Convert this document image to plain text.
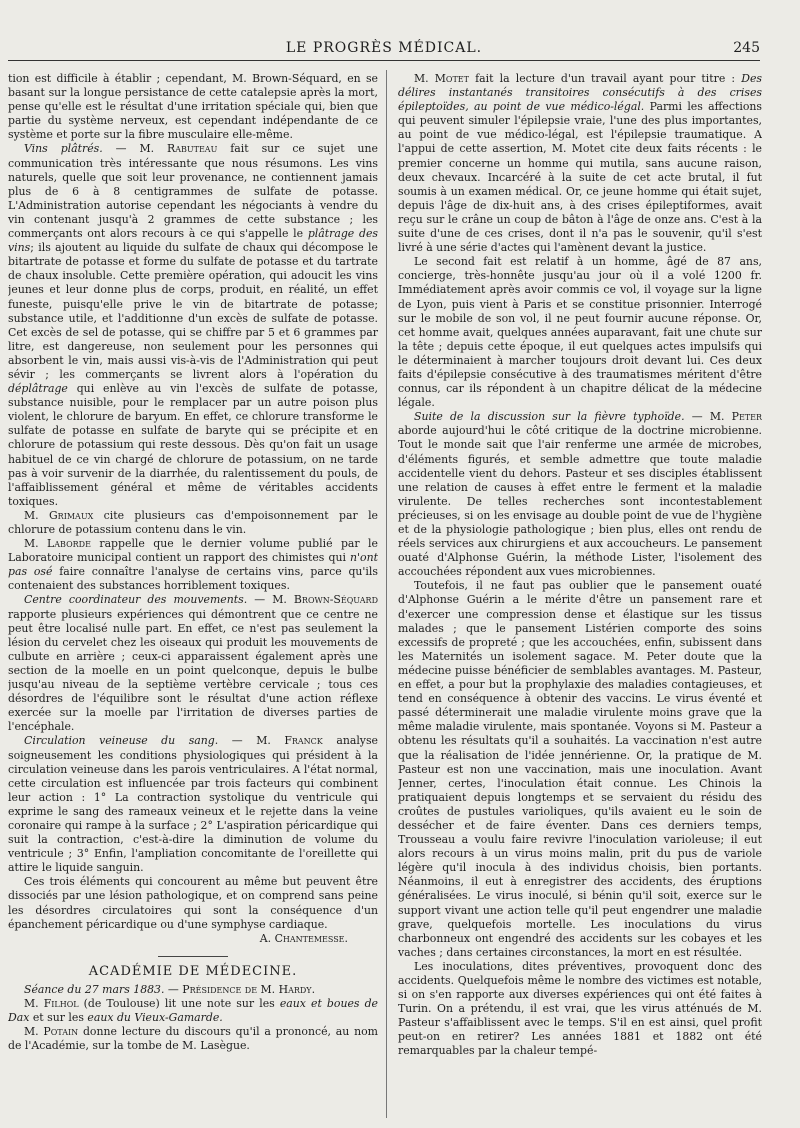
LE PROGRÈS MÉDICAL.	245

tion est difficile à établir ; cependant, M. Brown-Séquard, en se basant sur la longue persistance de cette catalepsie après la mort, pense qu'elle est le résultat d'une irritation spéciale qui, bien que partie du système nerveux, est cependant indépendante de ce système et porte sur la fibre musculaire elle-même.

Vins plâtrés. — M. Rabuteau fait sur ce sujet une communication très intéressante que nous résumons. Les vins naturels, quelle que soit leur provenance, ne contiennent jamais plus de 6 à 8 centigrammes de sulfate de potasse. L'Administration autorise cependant les négociants à vendre du vin contenant jusqu'à 2 grammes de cette substance ; les commerçants ont alors recours à ce qui s'appelle le plâtrage des vins; ils ajoutent au liquide du sulfate de chaux qui décompose le bitartrate de potasse et forme du sulfate de potasse et du tartrate de chaux insoluble. Cette première opération, qui adoucit les vins jeunes et leur donne plus de corps, produit, en réalité, un effet funeste, puisqu'elle prive le vin de bitartrate de potasse; substance utile, et l'additionne d'un excès de sulfate de potasse. Cet excès de sel de potasse, qui se chiffre par 5 et 6 grammes par litre, est dangereuse, non seulement pour les personnes qui absorbent le vin, mais aussi vis-à-vis de l'Administration qui peut sévir ; les commerçants se livrent alors à l'opération du déplâtrage qui enlève au vin l'excès de sulfate de potasse, substance nuisible, pour le remplacer par un autre poison plus violent, le chlorure de baryum. En effet, ce chlorure transforme le sulfate de potasse en sulfate de baryte qui se précipite et en chlorure de potassium qui reste dessous. Dès qu'on fait un usage habituel de ce vin chargé de chlorure de potassium, on ne tarde pas à voir survenir de la diarrhée, du ralentissement du pouls, de l'affaiblissement général et même de véritables accidents toxiques.

M. Grimaux cite plusieurs cas d'empoisonnement par le chlorure de potassium contenu dans le vin.

M. Laborde rappelle que le dernier volume publié par le Laboratoire municipal contient un rapport des chimistes qui n'ont pas osé faire connaître l'analyse de certains vins, parce qu'ils contenaient des substances horriblement toxiques.

Centre coordinateur des mouvements. — M. Brown-Séquard rapporte plusieurs expériences qui démontrent que ce centre ne peut être localisé nulle part. En effet, ce n'est pas seulement la lésion du cervelet chez les oiseaux qui produit les mouvements de culbute en arrière ; ceux-ci apparaissent également après une section de la moelle en un point quelconque, depuis le bulbe jusqu'au niveau de la septième vertèbre cervicale ; tous ces désordres de l'équilibre sont le résultat d'une action réflexe exercée sur la moelle par l'irritation de diverses parties de l'encéphale.

Circulation veineuse du sang. — M. Franck analyse soigneusement les conditions physiologiques qui président à la circulation veineuse dans les parois ventriculaires. A l'état normal, cette circulation est influencée par trois facteurs qui combinent leur action : 1° La contraction systolique du ventricule qui exprime le sang des rameaux veineux et le rejette dans la veine coronaire qui rampe à la surface ; 2° L'aspiration péricardique qui suit la contraction, c'est-à-dire la diminution de volume du ventricule ; 3° Enfin, l'ampliation concomitante de l'oreillette qui attire le liquide sanguin.

Ces trois éléments qui concourent au même but peuvent être dissociés par une lésion pathologique, et on comprend sans peine les désordres circulatoires qui sont la conséquence d'un épanchement péricardique ou d'une symphyse cardiaque.

A. Chantemesse.
ACADÉMIE DE MÉDECINE.

Séance du 27 mars 1883. — Présidence de M. Hardy.

M. Filhol (de Toulouse) lit une note sur les eaux et boues de Dax et sur les eaux du Vieux-Gamarde.

M. Potain donne lecture du discours qu'il a prononcé, au nom de l'Académie, sur la tombe de M. Lasègue.

M. Motet fait la lecture d'un travail ayant pour titre : Des délires instantanés transitoires consécutifs à des crises épileptoïdes, au point de vue médico-légal. Parmi les affections qui peuvent simuler l'épilepsie vraie, l'une des plus importantes, au point de vue médico-légal, est l'épilepsie traumatique. A l'appui de cette assertion, M. Motet cite deux faits récents : le premier concerne un homme qui mutila, sans aucune raison, deux chevaux. Incarcéré à la suite de cet acte brutal, il fut soumis à un examen médical. Or, ce jeune homme qui était sujet, depuis l'âge de dix-huit ans, à des crises épileptiformes, avait reçu sur le crâne un coup de bâton à l'âge de onze ans. C'est à la suite d'une de ces crises, dont il n'a pas le souvenir, qu'il s'est livré à une série d'actes qui l'amènent devant la justice.

Le second fait est relatif à un homme, âgé de 87 ans, concierge, très-honnête jusqu'au jour où il a volé 1200 fr. Immédiatement après avoir commis ce vol, il voyage sur la ligne de Lyon, puis vient à Paris et se constitue prisonnier. Interrogé sur le mobile de son vol, il ne peut fournir aucune réponse. Or, cet homme avait, quelques années auparavant, fait une chute sur la tête ; depuis cette époque, il eut quelques actes impulsifs qui le déterminaient à marcher toujours droit devant lui. Ces deux faits d'épilepsie consécutive à des traumatismes méritent d'être connus, car ils répondent à un chapitre délicat de la médecine légale.

Suite de la discussion sur la fièvre typhoïde. — M. Peter aborde aujourd'hui le côté critique de la doctrine microbienne. Tout le monde sait que l'air renferme une armée de microbes, d'éléments figurés, et semble admettre que toute maladie accidentelle vient du dehors. Pasteur et ses disciples établissent une relation de causes à effet entre le ferment et la maladie virulente. De telles recherches sont incontestablement précieuses, si on les envisage au double point de vue de l'hygiène et de la physiologie pathologique ; bien plus, elles ont rendu de réels services aux chirurgiens et aux accoucheurs. Le pansement ouaté d'Alphonse Guérin, la méthode Lister, l'isolement des accouchées répondent aux vues microbiennes.

Toutefois, il ne faut pas oublier que le pansement ouaté d'Alphonse Guérin a le mérite d'être un pansement rare et d'exercer une compression dense et élastique sur les tissus malades ; que le pansement Listérien comporte des soins excessifs de propreté ; que les accouchées, enfin, subissent dans les Maternités un isolement sagace. M. Peter doute que la médecine puisse bénéficier de semblables avantages. M. Pasteur, en effet, a pour but la prophylaxie des maladies contagieuses, et tend en conséquence à obtenir des vaccins. Le virus éventé et passé déterminerait une maladie virulente moins grave que la même maladie virulente, mais spontanée. Voyons si M. Pasteur a obtenu les résultats qu'il a souhaités. La vaccination n'est autre que la réalisation de l'idée jennérienne. Or, la pratique de M. Pasteur est non une vaccination, mais une inoculation. Avant Jenner, certes, l'inoculation était connue. Les Chinois la pratiquaient depuis longtemps et se servaient du résidu des croûtes de pustules varioliques, qu'ils avaient eu le soin de dessécher et de faire éventer. Dans ces derniers temps, Trousseau a voulu faire revivre l'inoculation varioleuse; il eut alors recours à un virus moins malin, prit du pus de variole légère qu'il inocula à des individus choisis, bien portants. Néanmoins, il eut à enregistrer des accidents, des éruptions généralisées. Le virus inoculé, si bénin qu'il soit, exerce sur le support vivant une action telle qu'il peut engendrer une maladie grave, quelquefois mortelle. Les inoculations du virus charbonneux ont engendré des accidents sur les cobayes et les vaches ; dans certaines circonstances, la mort en est résultée.

Les inoculations, dites préventives, provoquent donc des accidents. Quelquefois même le nombre des victimes est notable, si on s'en rapporte aux diverses expériences qui ont été faites à Turin. On a prétendu, il est vrai, que les virus atténués de M. Pasteur s'affaiblissent avec le temps. S'il en est ainsi, quel profit peut-on en retirer? Les années 1881 et 1882 ont été remarquables par la chaleur tempé-
